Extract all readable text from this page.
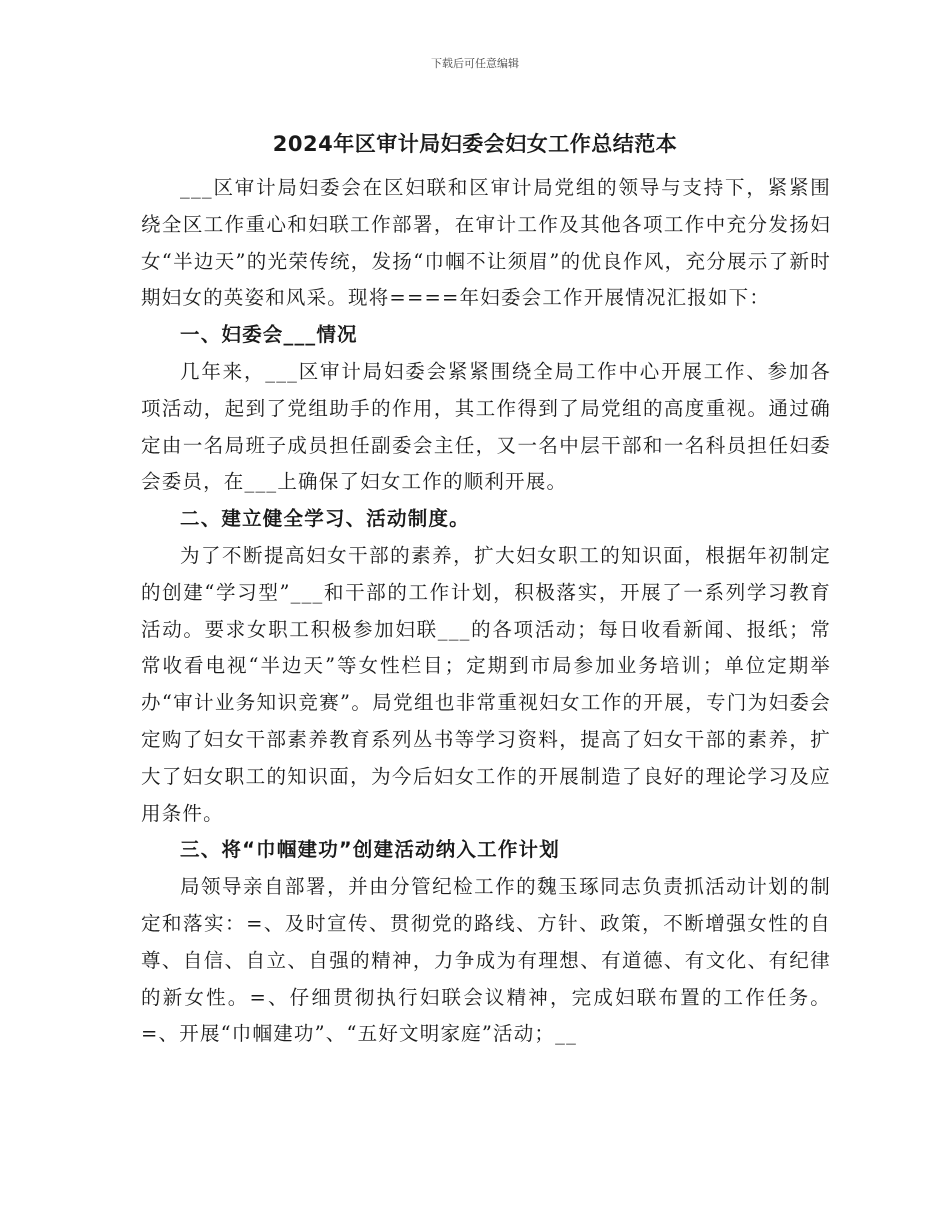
下载后可任意编辑
2024年区审计局妇委会妇女工作总结范本

___区审计局妇委会在区妇联和区审计局党组的领导与支持下，紧紧围绕全区工作重心和妇联工作部署，在审计工作及其他各项工作中充分发扬妇女“半边天”的光荣传统，发扬“巾帼不让须眉”的优良作风，充分展示了新时期妇女的英姿和风采。现将====年妇委会工作开展情况汇报如下：

一、妇委会___情况

几年来，___区审计局妇委会紧紧围绕全局工作中心开展工作、参加各项活动，起到了党组助手的作用，其工作得到了局党组的高度重视。通过确定由一名局班子成员担任副委会主任，又一名中层干部和一名科员担任妇委会委员，在___上确保了妇女工作的顺利开展。

二、建立健全学习、活动制度。

为了不断提高妇女干部的素养，扩大妇女职工的知识面，根据年初制定的创建“学习型”___和干部的工作计划，积极落实，开展了一系列学习教育活动。要求女职工积极参加妇联___的各项活动；每日收看新闻、报纸；常常收看电视“半边天”等女性栏目；定期到市局参加业务培训；单位定期举办“审计业务知识竞赛”。局党组也非常重视妇女工作的开展，专门为妇委会定购了妇女干部素养教育系列丛书等学习资料，提高了妇女干部的素养，扩大了妇女职工的知识面，为今后妇女工作的开展制造了良好的理论学习及应用条件。

三、将“巾帼建功”创建活动纳入工作计划

局领导亲自部署，并由分管纪检工作的魏玉琢同志负责抓活动计划的制定和落实：=、及时宣传、贯彻党的路线、方针、政策，不断增强女性的自尊、自信、自立、自强的精神，力争成为有理想、有道德、有文化、有纪律的新女性。=、仔细贯彻执行妇联会议精神，完成妇联布置的工作任务。=、开展“巾帼建功”、“五好文明家庭”活动；__
